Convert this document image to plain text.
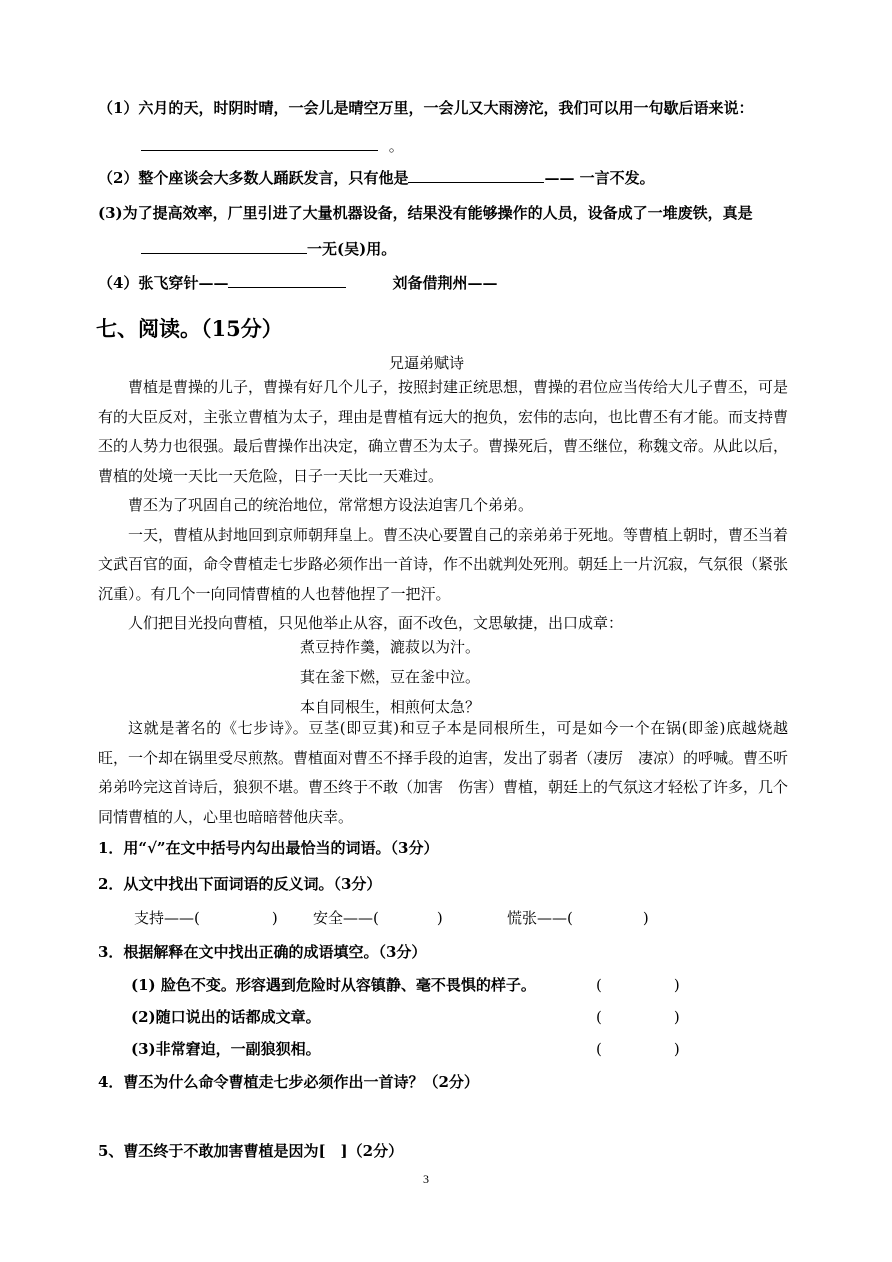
（1）六月的天，时阴时晴，一会儿是晴空万里，一会儿又大雨滂沱，我们可以用一句歇后语来说：
。
（2）整个座谈会大多数人踊跃发言，只有他是	—— 一言不发。
(3)为了提高效率，厂里引进了大量机器设备，结果没有能够操作的人员，设备成了一堆废铁，真是
一无(吴)用。
（4）张飞穿针——	刘备借荆州——
七、阅读。（15分）
兄逼弟赋诗

曹植是曹操的儿子，曹操有好几个儿子，按照封建正统思想，曹操的君位应当传给大儿子曹丕，可是有的大臣反对，主张立曹植为太子，理由是曹植有远大的抱负，宏伟的志向，也比曹丕有才能。而支持曹丕的人势力也很强。最后曹操作出决定，确立曹丕为太子。曹操死后，曹丕继位，称魏文帝。从此以后，曹植的处境一天比一天危险，日子一天比一天难过。

曹丕为了巩固自己的统治地位，常常想方设法迫害几个弟弟。

一天，曹植从封地回到京师朝拜皇上。曹丕决心要置自己的亲弟弟于死地。等曹植上朝时，曹丕当着文武百官的面，命令曹植走七步路必须作出一首诗，作不出就判处死刑。朝廷上一片沉寂，气氛很（紧张　沉重）。有几个一向同情曹植的人也替他捏了一把汗。

人们把目光投向曹植，只见他举止从容，面不改色，文思敏捷，出口成章：

煮豆持作羹，漉菽以为汁。
萁在釜下燃，豆在釜中泣。
本自同根生，相煎何太急？

这就是著名的《七步诗》。豆茎(即豆萁)和豆子本是同根所生，可是如今一个在锅(即釜)底越烧越旺，一个却在锅里受尽煎熬。曹植面对曹丕不择手段的迫害，发出了弱者（凄厉　凄凉）的呼喊。曹丕听弟弟吟完这首诗后，狼狈不堪。曹丕终于不敢（加害　伤害）曹植，朝廷上的气氛这才轻松了许多，几个同情曹植的人，心里也暗暗替他庆幸。

1．用“√”在文中括号内勾出最恰当的词语。（3分）
2．从文中找出下面词语的反义词。（3分）
支持——(	) 安全——(	)	慌张——(	)
3．根据解释在文中找出正确的成语填空。（3分）
(1) 脸色不变。形容遇到危险时从容镇静、毫不畏惧的样子。	(	)
(2)随口说出的话都成文章。	(	)
(3)非常窘迫，一副狼狈相。	(	)
4．曹丕为什么命令曹植走七步必须作出一首诗？（2分）
5、曹丕终于不敢加害曹植是因为[　]（2分）
3
